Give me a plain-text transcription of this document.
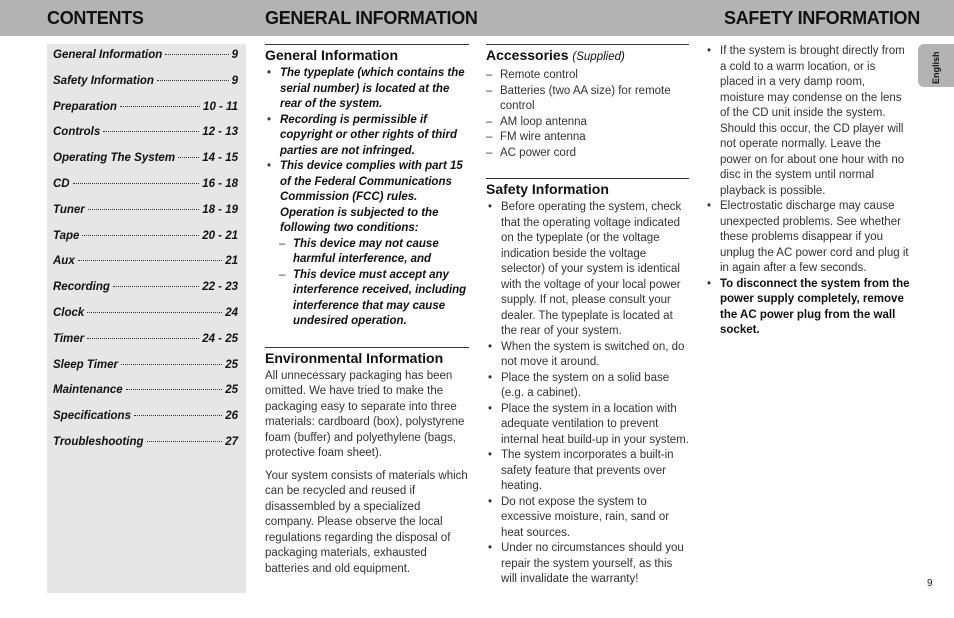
CONTENTS	GENERAL INFORMATION	SAFETY INFORMATION
General Information	9
Safety Information	9
Preparation	10 - 11
Controls	12 - 13
Operating The System 14 - 15
CD	16 - 18
Tuner	18 - 19
Tape	20 - 21
Aux	21
Recording	22 - 23
Clock	24
Timer	24 - 25
Sleep Timer	25
Maintenance	25
Specifications	26
Troubleshooting	27
General Information
• The typeplate (which contains the serial number) is located at the rear of the system.
• Recording is permissible if copyright or other rights of third parties are not infringed.
• This device complies with part 15 of the Federal Communications Commission (FCC) rules. Operation is subjected to the following two conditions:
– This device may not cause harmful interference, and
– This device must accept any interference received, including interference that may cause undesired operation.
Environmental Information

All unnecessary packaging has been omitted. We have tried to make the packaging easy to separate into three materials: cardboard (box), polystyrene foam (buffer) and polyethylene (bags, protective foam sheet).

Your system consists of materials which can be recycled and reused if disassembled by a specialized company. Please observe the local regulations regarding the disposal of packaging materials, exhausted batteries and old equipment.

Accessories (Supplied)
– Remote control
– Batteries (two AA size) for remote control
– AM loop antenna
– FM wire antenna
– AC power cord
Safety Information
• Before operating the system, check that the operating voltage indicated on the typeplate (or the voltage indication beside the voltage selector) of your system is identical with the voltage of your local power supply. If not, please consult your dealer. The typeplate is located at the rear of your system.
• When the system is switched on, do not move it around.
• Place the system on a solid base (e.g. a cabinet).
• Place the system in a location with adequate ventilation to prevent internal heat build-up in your system.
• The system incorporates a built-in safety feature that prevents over heating.
• Do not expose the system to excessive moisture, rain, sand or heat sources.
• Under no circumstances should you repair the system yourself, as this will invalidate the warranty!
• If the system is brought directly from a cold to a warm location, or is placed in a very damp room, moisture may condense on the lens of the CD unit inside the system. Should this occur, the CD player will not operate normally. Leave the power on for about one hour with no disc in the system until normal playback is possible.
• Electrostatic discharge may cause unexpected problems. See whether these problems disappear if you unplug the AC power cord and plug it in again after a few seconds.
• To disconnect the system from the power supply completely, remove the AC power plug from the wall socket.
English
9
